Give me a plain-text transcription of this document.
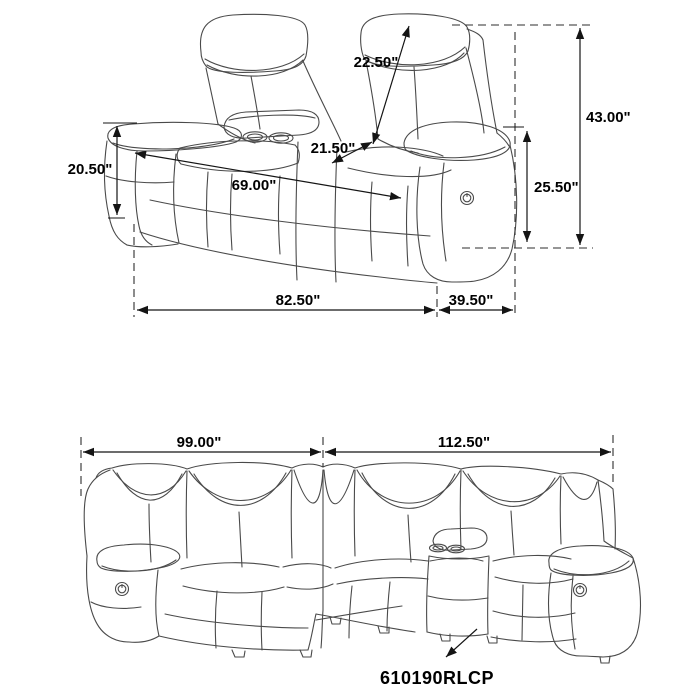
20.50"
22.50"
21.50"
69.00"	25.50"
43.00"
82.50"	39.50"
99.00"	112.50"
610190RLCP
